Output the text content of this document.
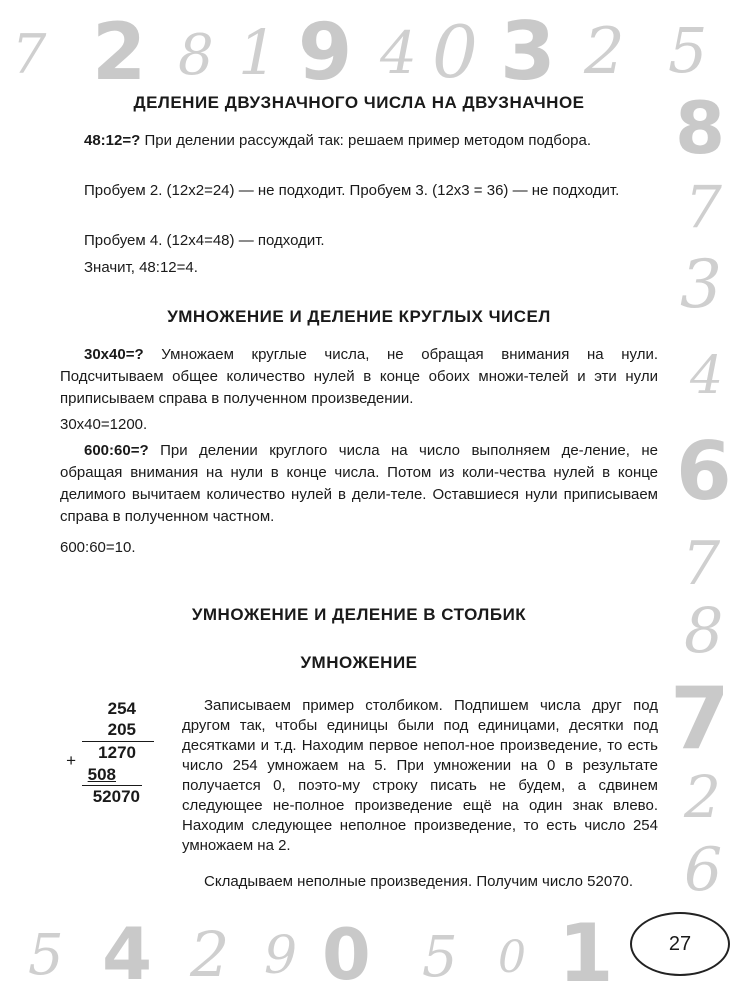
7 2 8 1 9 4 0 3 2 5
8
7
3
4
6
7
8
7
2
6
5 4 2 9 0 5 0 1
ДЕЛЕНИЕ ДВУЗНАЧНОГО ЧИСЛА НА ДВУЗНАЧНОЕ

48:12=? При делении рассуждай так: решаем пример методом подбора.

Пробуем 2. (12x2=24) — не подходит. Пробуем 3. (12x3 = 36) — не подходит.

Пробуем 4. (12x4=48) — подходит.

Значит, 48:12=4.

УМНОЖЕНИЕ И ДЕЛЕНИЕ КРУГЛЫХ ЧИСЕЛ

30x40=? Умножаем круглые числа, не обращая внимания на нули. Подсчитываем общее количество нулей в конце обоих множи-телей и эти нули приписываем справа в полученном произведении.

30x40=1200.

600:60=? При делении круглого числа на число выполняем де-ление, не обращая внимания на нули в конце числа. Потом из коли-чества нулей в конце делимого вычитаем количество нулей в дели-теле. Оставшиеся нули приписываем справа в полученном частном.

600:60=10.

УМНОЖЕНИЕ И ДЕЛЕНИЕ В СТОЛБИК
УМНОЖЕНИЕ
254
205
+	1270
508
52070
Записываем пример столбиком. Подпишем числа друг под другом так, чтобы единицы были под единицами, десятки под десятками и т.д. Находим первое непол-ное произведение, то есть число 254 умножаем на 5. При умножении на 0 в результате получается 0, поэто-му строку писать не будем, а сдвинем следующее не-полное произведение ещё на один знак влево. Находим следующее неполное произведение, то есть число 254 умножаем на 2.
Складываем неполные произведения. Получим число 52070.
27
